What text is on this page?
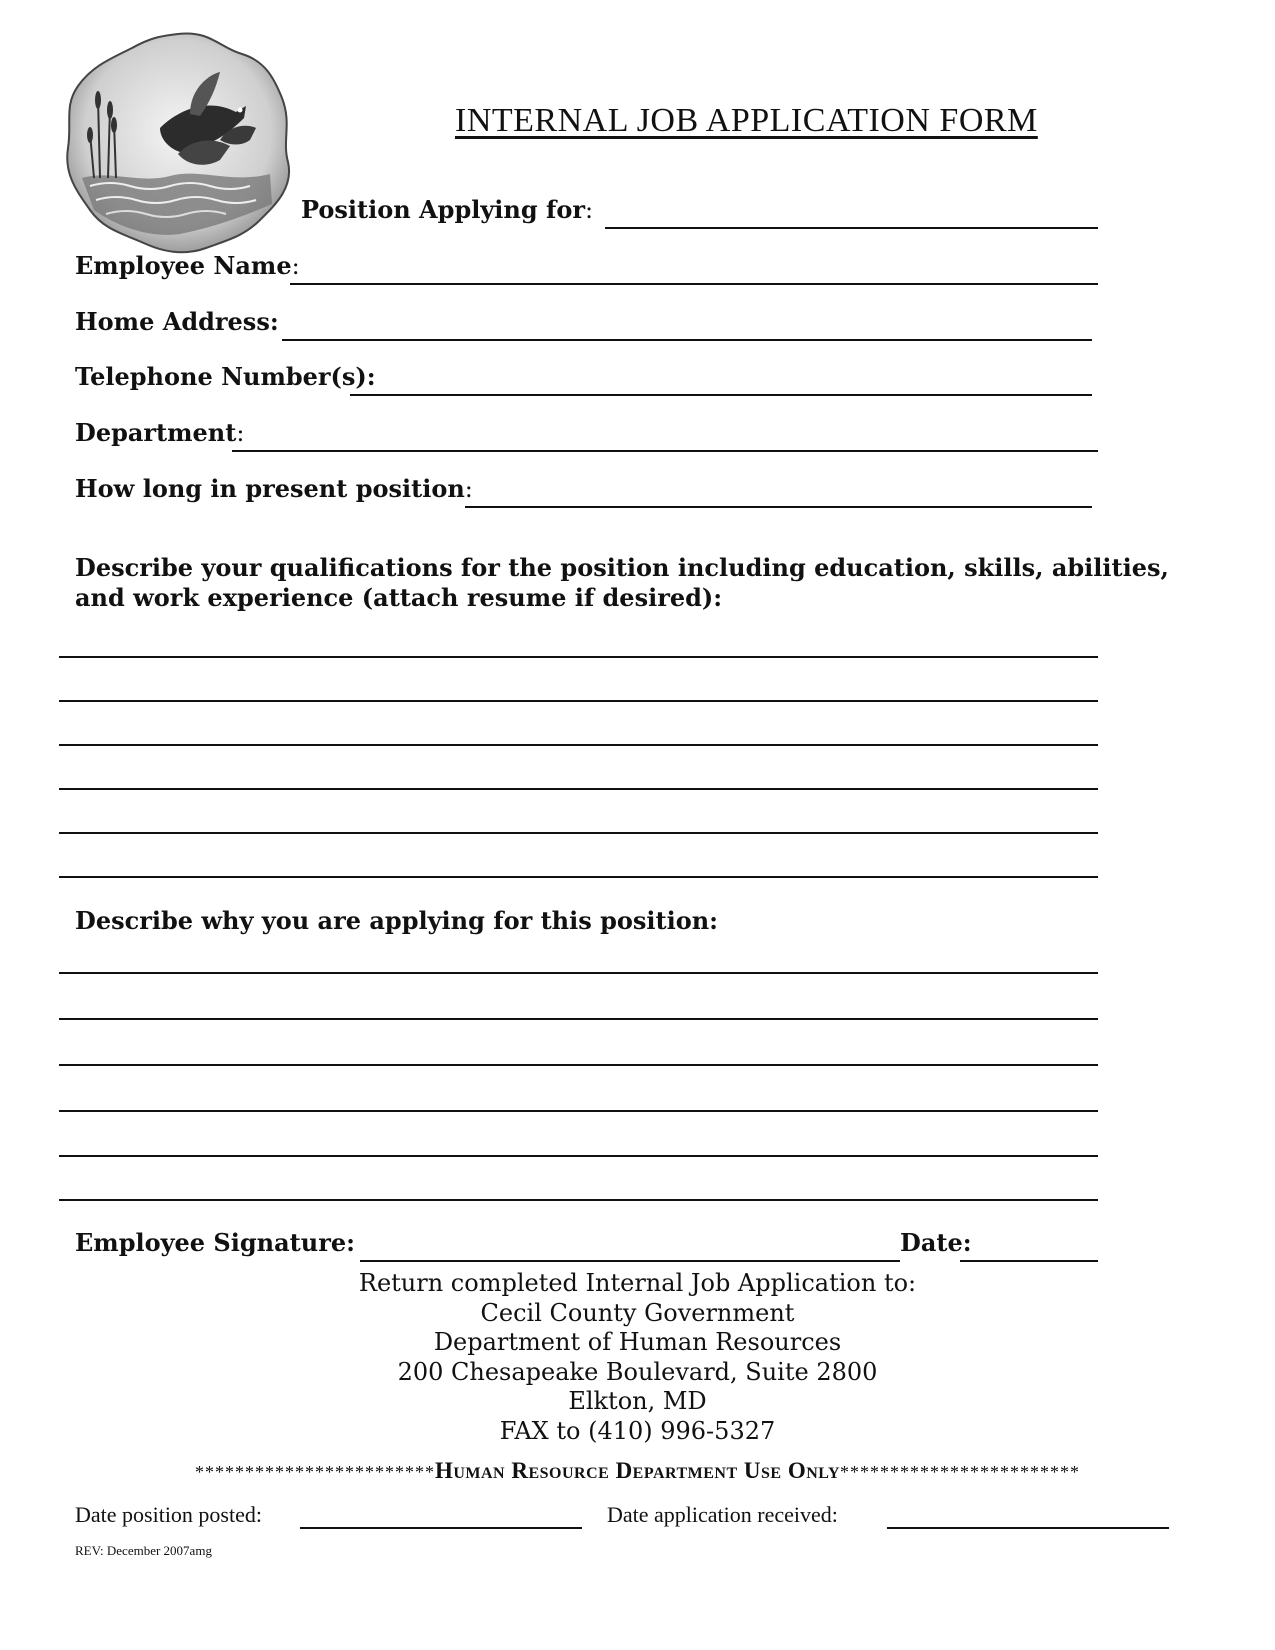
INTERNAL JOB APPLICATION FORM
Position Applying for:
Employee Name:
Home Address:
Telephone Number(s):
Department:
How long in present position:
Describe your qualifications for the position including education, skills, abilities, and work experience (attach resume if desired):
Describe why you are applying for this position:
Employee Signature:	Date:
Return completed Internal Job Application to:
Cecil County Government
Department of Human Resources
200 Chesapeake Boulevard, Suite 2800
Elkton, MD
FAX to (410) 996-5327
************************Human Resource Department Use Only************************
Date position posted:	Date application received:
REV: December 2007amg
